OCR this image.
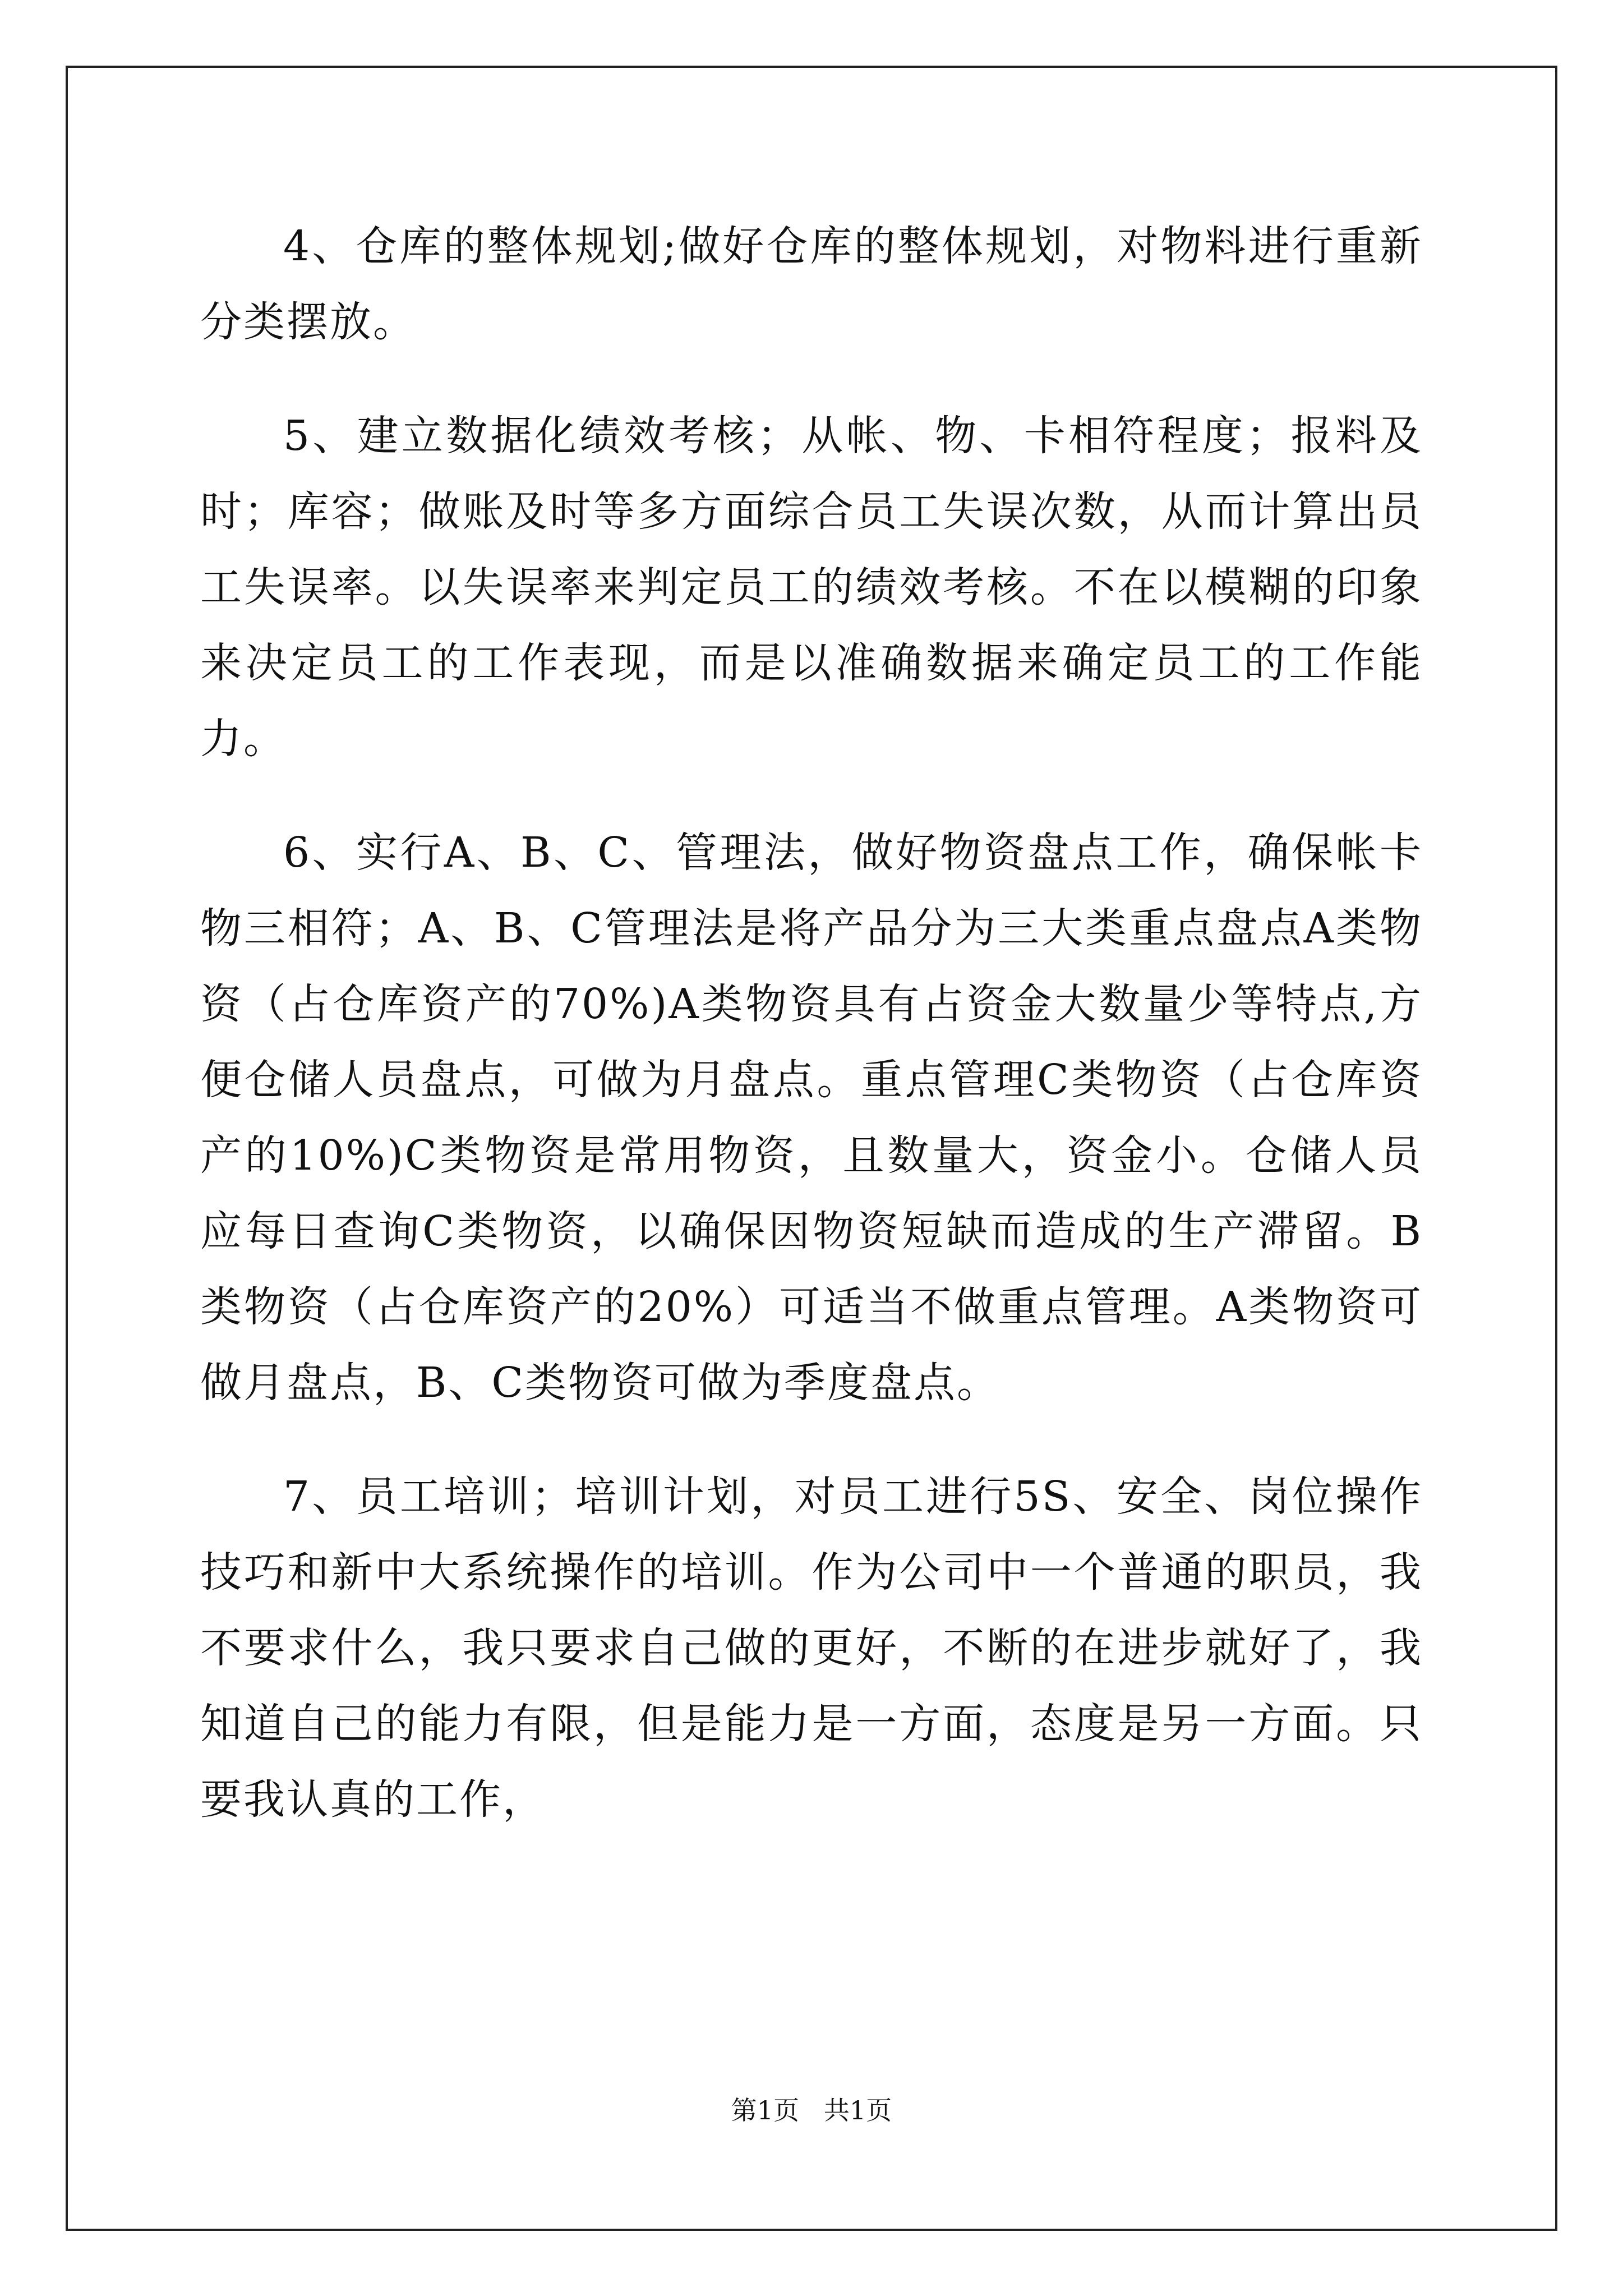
4、仓库的整体规划;做好仓库的整体规划，对物料进行重新分类摆放。

5、建立数据化绩效考核；从帐、物、卡相符程度；报料及时；库容；做账及时等多方面综合员工失误次数，从而计算出员工失误率。以失误率来判定员工的绩效考核。不在以模糊的印象来决定员工的工作表现，而是以准确数据来确定员工的工作能力。

6、实行A、B、C、管理法，做好物资盘点工作，确保帐卡物三相符；A、B、C管理法是将产品分为三大类重点盘点A类物资（占仓库资产的70%)A类物资具有占资金大数量少等特点,方便仓储人员盘点，可做为月盘点。重点管理C类物资（占仓库资产的10%)C类物资是常用物资，且数量大，资金小。仓储人员应每日查询C类物资，以确保因物资短缺而造成的生产滞留。B类物资（占仓库资产的20%）可适当不做重点管理。A类物资可做月盘点，B、C类物资可做为季度盘点。

7、员工培训；培训计划，对员工进行5S、安全、岗位操作技巧和新中大系统操作的培训。作为公司中一个普通的职员，我不要求什么，我只要求自己做的更好，不断的在进步就好了，我知道自己的能力有限，但是能力是一方面，态度是另一方面。只要我认真的工作，

第1页   共1页
